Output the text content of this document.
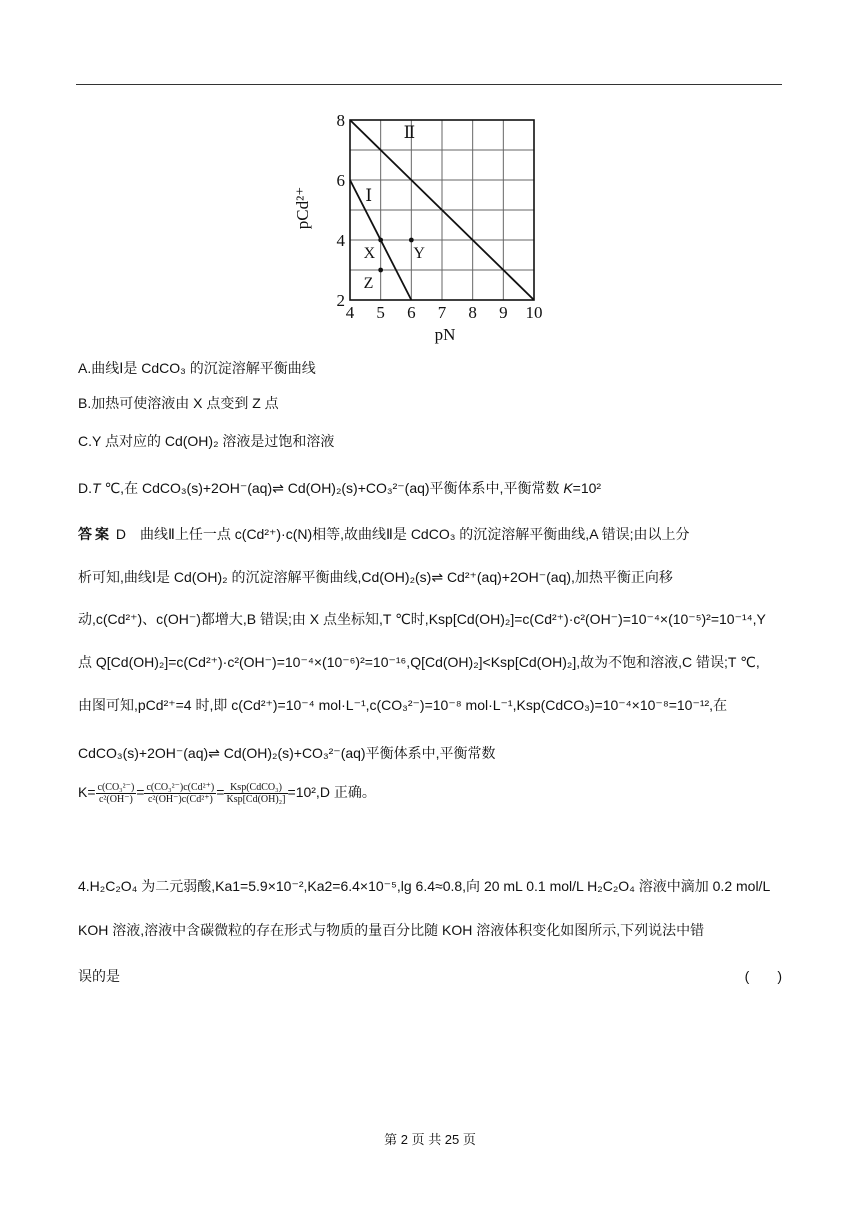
Ⅰ
Ⅱ
X Y
Z
4 5 6 7 8 9 10
2
4
6
8
pN
pCd²⁺
A.曲线Ⅰ是 CdCO₃ 的沉淀溶解平衡曲线
B.加热可使溶液由 X 点变到 Z 点
C.Y 点对应的 Cd(OH)₂ 溶液是过饱和溶液
D.T ℃,在 CdCO₃(s)+2OH⁻(aq)⇌ Cd(OH)₂(s)+CO₃²⁻(aq)平衡体系中,平衡常数 K=10²
答案 D　曲线Ⅱ上任一点 c(Cd²⁺)·c(N)相等,故曲线Ⅱ是 CdCO₃ 的沉淀溶解平衡曲线,A 错误;由以上分
析可知,曲线Ⅰ是 Cd(OH)₂ 的沉淀溶解平衡曲线,Cd(OH)₂(s)⇌ Cd²⁺(aq)+2OH⁻(aq),加热平衡正向移
动,c(Cd²⁺)、c(OH⁻)都增大,B 错误;由 X 点坐标知,T ℃时,Ksp[Cd(OH)₂]=c(Cd²⁺)·c²(OH⁻)=10⁻⁴×(10⁻⁵)²=10⁻¹⁴,Y
点 Q[Cd(OH)₂]=c(Cd²⁺)·c²(OH⁻)=10⁻⁴×(10⁻⁶)²=10⁻¹⁶,Q[Cd(OH)₂]<Ksp[Cd(OH)₂],故为不饱和溶液,C 错误;T ℃,
由图可知,pCd²⁺=4 时,即 c(Cd²⁺)=10⁻⁴ mol·L⁻¹,c(CO₃²⁻)=10⁻⁸ mol·L⁻¹,Ksp(CdCO₃)=10⁻⁴×10⁻⁸=10⁻¹²,在
CdCO₃(s)+2OH⁻(aq)⇌ Cd(OH)₂(s)+CO₃²⁻(aq)平衡体系中,平衡常数
$K= \frac{\text{c(CO₃²⁻)}}{\text{c²(OH⁻)}} = \frac{\text{c(CO₃²⁻)c(Cd²⁺)}}{\text{c²(OH⁻)c(Cd²⁺)}} = \frac{\text{Ksp(CdCO₃)}}{\text{Ksp[Cd(OH)₂]}} =10^2,D$ 正确。
4.H₂C₂O₄ 为二元弱酸,Ka1=5.9×10⁻²,Ka2=6.4×10⁻⁵,lg 6.4≈0.8,向 20 mL 0.1 mol/L H₂C₂O₄ 溶液中滴加 0.2 mol/L
KOH 溶液,溶液中含碳微粒的存在形式与物质的量百分比随 KOH 溶液体积变化如图所示,下列说法中错
误的是	(　　)
第 2 页 共 25 页
